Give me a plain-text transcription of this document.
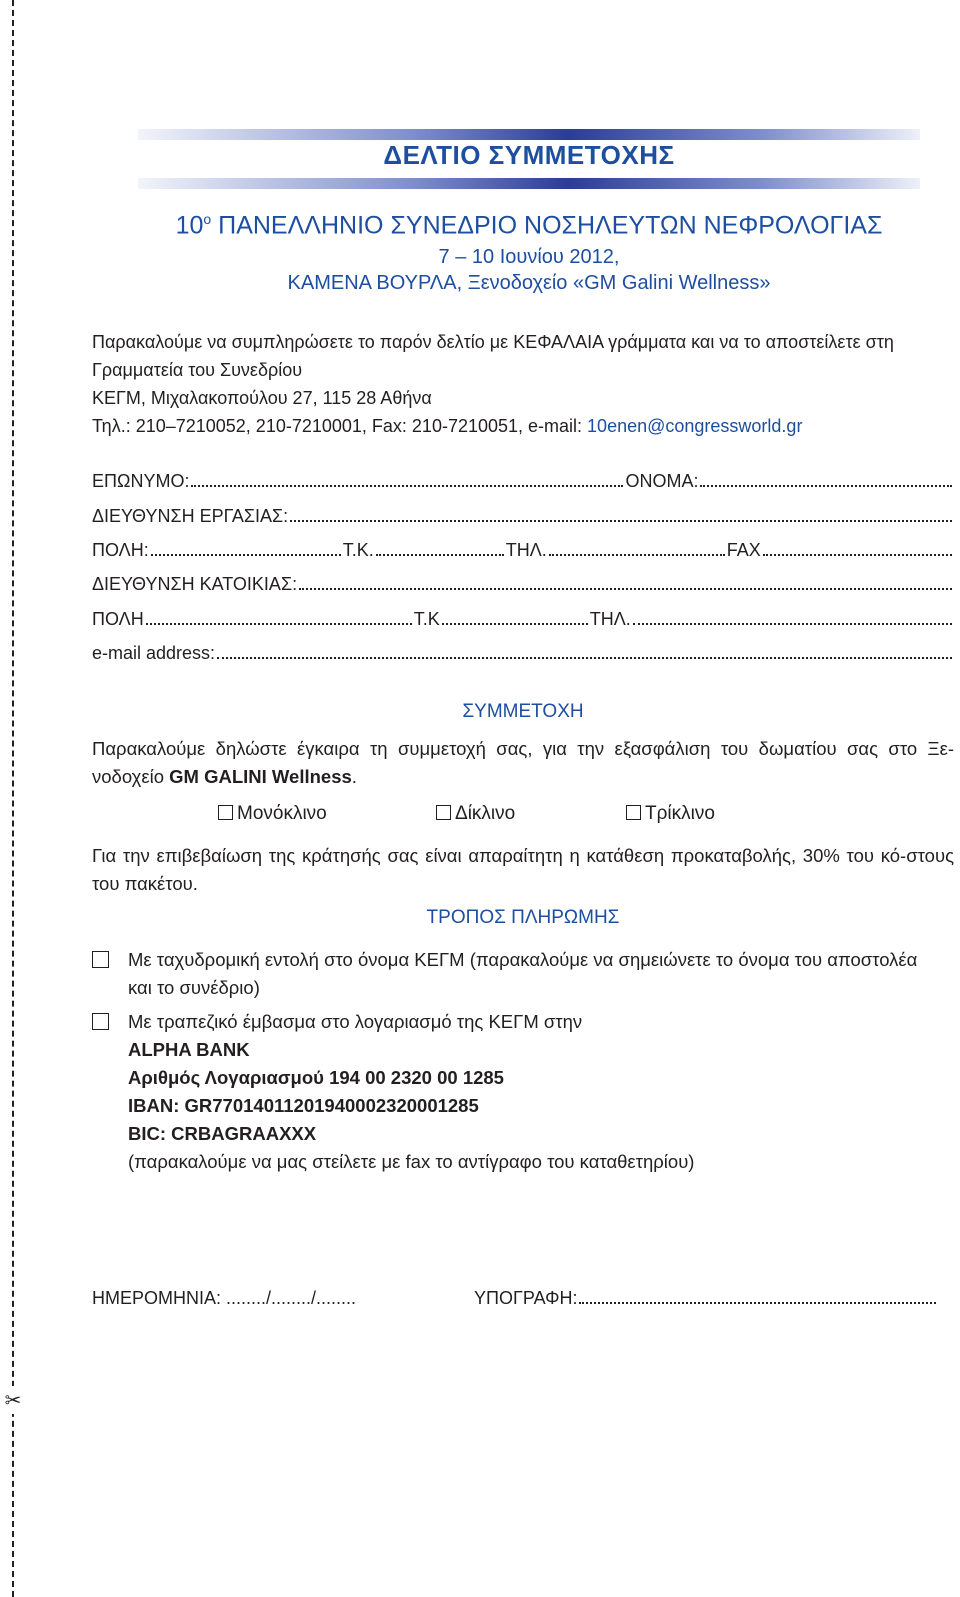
✂
ΔΕΛΤΙΟ ΣΥΜΜΕΤΟΧΗΣ
$10^o$ ΠΑΝΕΛΛΗΝΙΟ ΣΥΝΕΔΡΙΟ ΝΟΣΗΛΕΥΤΩΝ ΝΕΦΡΟΛΟΓΙΑΣ
7 – 10 Ιουνίου 2012,
ΚΑΜΕΝΑ ΒΟΥΡΛΑ, Ξενοδοχείο «GM Galini Wellness»
Παρακαλούμε να συμπληρώσετε το παρόν δελτίο με ΚΕΦΑΛΑΙΑ γράμματα και να το αποστείλετε στη
Γραμματεία του Συνεδρίου
ΚΕΓΜ, Μιχαλακοπούλου 27, 115 28 Αθήνα
Τηλ.: 210–7210052, 210-7210001, Fax: 210-7210051, e-mail: 10enen@congressworld.gr
ΕΠΩΝΥΜΟ:	ΟΝΟΜΑ:
ΔΙΕΥΘΥΝΣΗ ΕΡΓΑΣΙΑΣ:
ΠΟΛΗ:	Τ.Κ.	ΤΗΛ.	FAX
ΔΙΕΥΘΥΝΣΗ ΚΑΤΟΙΚΙΑΣ:
ΠΟΛΗ	Τ.Κ	ΤΗΛ.
e-mail address:
ΣΥΜΜΕΤΟΧΗ
Παρακαλούμε δηλώστε έγκαιρα τη συμμετοχή σας, για την εξασφάλιση του δωματίου σας στο Ξε-νοδοχείο GM GALINI Wellness.
Μονόκλινο	Δίκλινο	Τρίκλινο
Για την επιβεβαίωση της κράτησής σας είναι απαραίτητη η κατάθεση προκαταβολής, 30% του κό-στους του πακέτου.
ΤΡΟΠΟΣ ΠΛΗΡΩΜΗΣ
Με ταχυδρομική εντολή στο όνομα ΚΕΓΜ (παρακαλούμε να σημειώνετε το όνομα του αποστολέα
και το συνέδριο)
Με τραπεζικό έμβασμα στο λογαριασμό της ΚΕΓΜ στην
ALPHA BANK
Αριθμός Λογαριασμού 194 00 2320 00 1285
IBAN: GR7701401120194000232000​1285
BIC: CRBAGRAAXXX
(παρακαλούμε να μας στείλετε με fax το αντίγραφο του καταθετηρίου)
ΗΜΕΡΟΜΗΝΙΑ: ......../......../........	ΥΠΟΓΡΑΦΗ:
